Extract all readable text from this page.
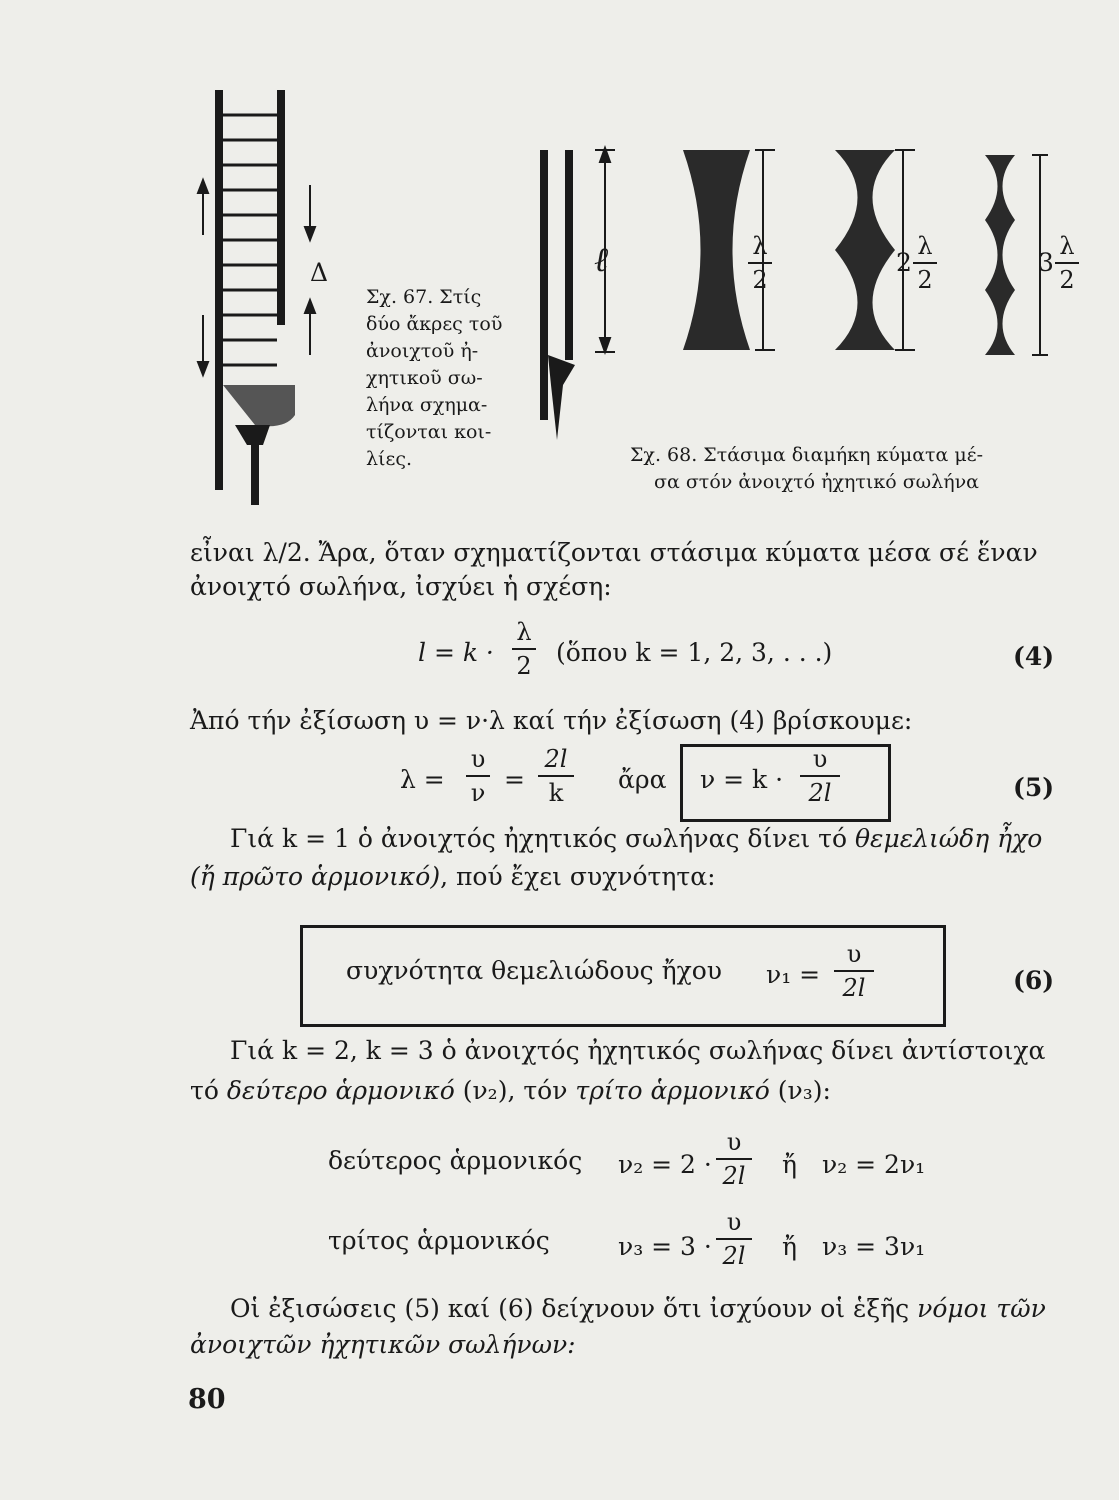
Δ
Σχ. 67. Στίς
δύο ἄκρες τοῦ
ἀνοιχτοῦ ἠ-
χητικοῦ σω-
λήνα σχημα-
τίζονται κοι-
λίες.
ℓ	λ
2
2
λ
2
3
λ
2
Σχ. 68. Στάσιμα διαμήκη κύματα μέ-
σα στόν ἀνοιχτό ἠχητικό σωλήνα
εἶναι λ/2. Ἄρα, ὅταν σχηματίζονται στάσιμα κύματα μέσα σέ ἕναν
ἀνοιχτό σωλήνα, ἰσχύει ἡ σχέση:
l = k ·
λ
2 (ὅπου k = 1, 2, 3, . . .)	(4)
Ἀπό τήν ἐξίσωση υ = ν·λ καί τήν ἐξίσωση (4) βρίσκουμε:
λ =
υ
ν =
2l
k	ἄρα ν = k ·
υ
2l	(5)
Γιά k = 1 ὁ ἀνοιχτός ἠχητικός σωλήνας δίνει τό θεμελιώδη ἦχο
(ἤ πρῶτο ἁρμονικό), πού ἔχει συχνότητα:
συχνότητα θεμελιώδους ἤχου ν₁ =
υ
2l	(6)
Γιά k = 2, k = 3 ὁ ἀνοιχτός ἠχητικός σωλήνας δίνει ἀντίστοιχα
τό δεύτερο ἁρμονικό (ν₂), τόν τρίτο ἁρμονικό (ν₃):
δεύτερος ἁρμονικός ν₂ = 2 ·
υ
2l ἤ ν₂ = 2ν₁
τρίτος ἁρμονικός	ν₃ = 3 ·
υ
2l ἤ ν₃ = 3ν₁
Οἱ ἐξισώσεις (5) καί (6) δείχνουν ὅτι ἰσχύουν οἱ ἑξῆς νόμοι τῶν
ἀνοιχτῶν ἠχητικῶν σωλήνων:
80
